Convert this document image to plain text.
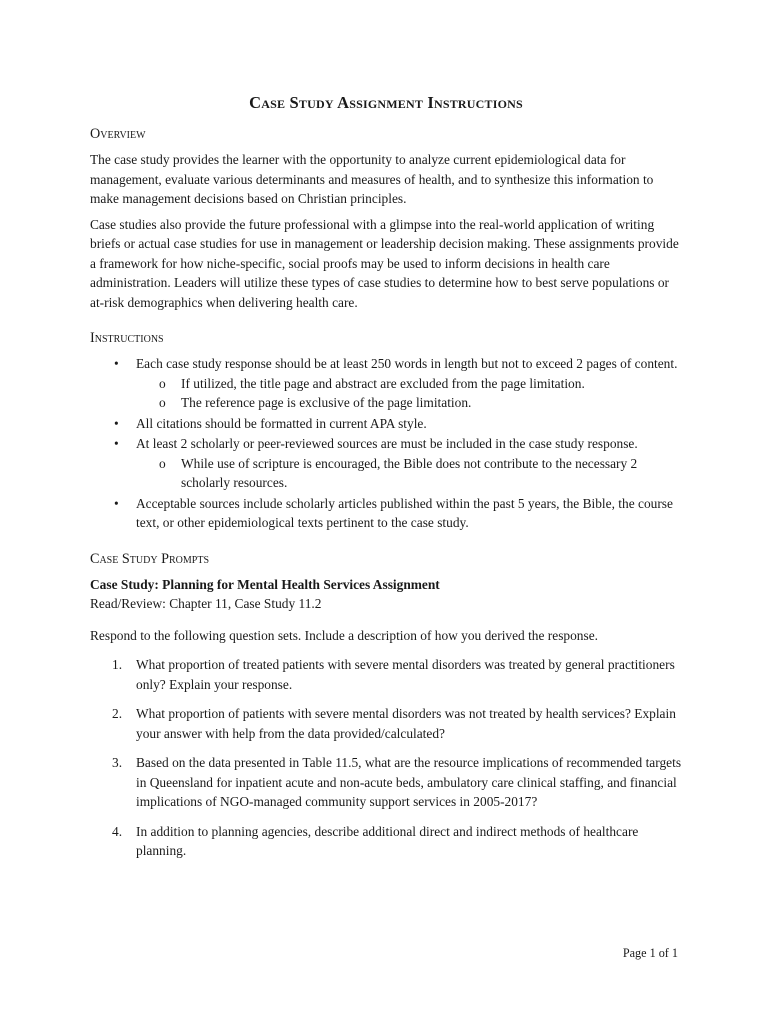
Case Study Assignment Instructions
Overview

The case study provides the learner with the opportunity to analyze current epidemiological data for management, evaluate various determinants and measures of health, and to synthesize this information to make management decisions based on Christian principles.

Case studies also provide the future professional with a glimpse into the real-world application of writing briefs or actual case studies for use in management or leadership decision making. These assignments provide a framework for how niche-specific, social proofs may be used to inform decisions in health care administration. Leaders will utilize these types of case studies to determine how to best serve populations or at-risk demographics when delivering health care.

Instructions
• Each case study response should be at least 250 words in length but not to exceed 2 pages of content.
o If utilized, the title page and abstract are excluded from the page limitation.
o The reference page is exclusive of the page limitation.
• All citations should be formatted in current APA style.
• At least 2 scholarly or peer-reviewed sources are must be included in the case study response.
o While use of scripture is encouraged, the Bible does not contribute to the necessary 2 scholarly resources.
• Acceptable sources include scholarly articles published within the past 5 years, the Bible, the course text, or other epidemiological texts pertinent to the case study.
Case Study Prompts

Case Study: Planning for Mental Health Services Assignment

Read/Review: Chapter 11, Case Study 11.2

Respond to the following question sets. Include a description of how you derived the response.

1. What proportion of treated patients with severe mental disorders was treated by general practitioners only? Explain your response.
2. What proportion of patients with severe mental disorders was not treated by health services? Explain your answer with help from the data provided/calculated?
3. Based on the data presented in Table 11.5, what are the resource implications of recommended targets in Queensland for inpatient acute and non-acute beds, ambulatory care clinical staffing, and financial implications of NGO-managed community support services in 2005-2017?
4. In addition to planning agencies, describe additional direct and indirect methods of healthcare planning.
Page 1 of 1
